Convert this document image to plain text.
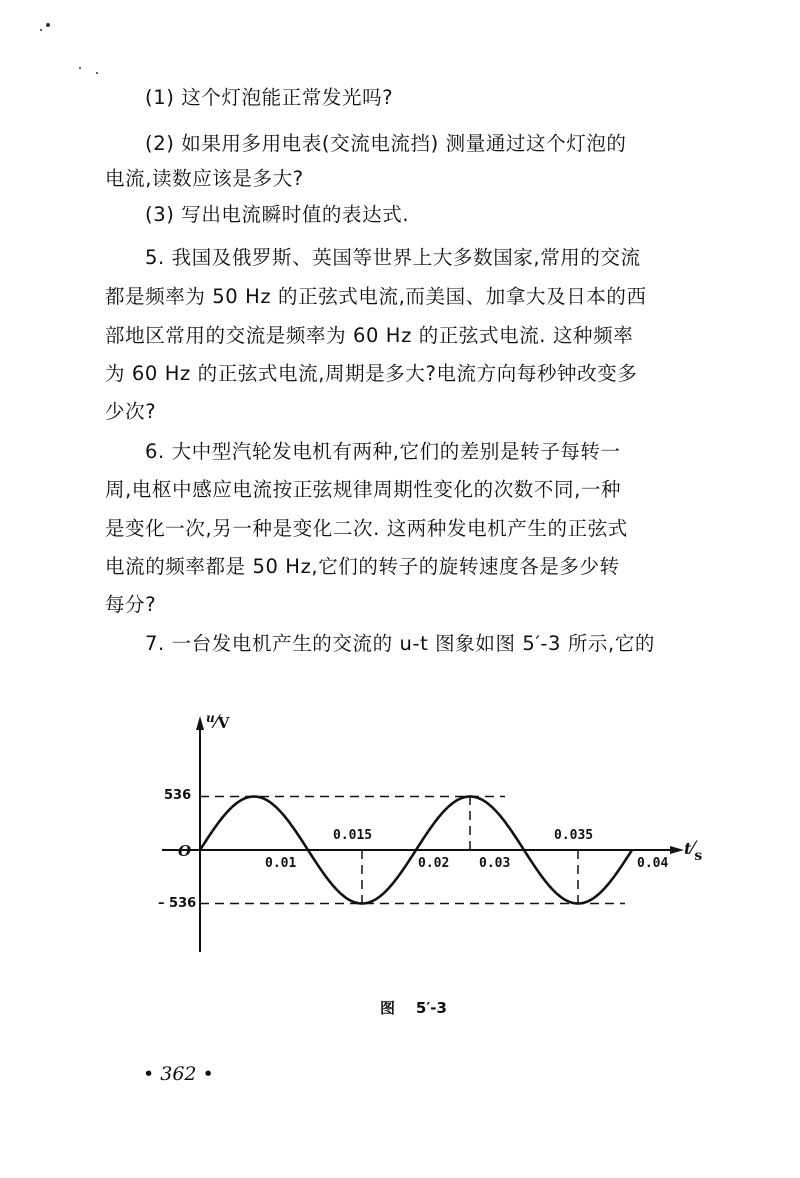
(1) 这个灯泡能正常发光吗?
(2) 如果用多用电表(交流电流挡) 测量通过这个灯泡的
电流,读数应该是多大?
(3) 写出电流瞬时值的表达式.
5. 我国及俄罗斯、英国等世界上大多数国家,常用的交流
都是频率为 50 Hz 的正弦式电流,而美国、加拿大及日本的西
部地区常用的交流是频率为 60 Hz 的正弦式电流. 这种频率
为 60 Hz 的正弦式电流,周期是多大?电流方向每秒钟改变多
少次?
6. 大中型汽轮发电机有两种,它们的差别是转子每转一
周,电枢中感应电流按正弦规律周期性变化的次数不同,一种
是变化一次,另一种是变化二次. 这两种发电机产生的正弦式
电流的频率都是 50 Hz,它们的转子的旋转速度各是多少转
每分?
7. 一台发电机产生的交流的 u-t 图象如图 5′-3 所示,它的
$^u$⁄V
t⁄s
O
536
– 536
0.01
0.015
0.02 0.03
0.035
0.04
图    5′-3
• 362 •
